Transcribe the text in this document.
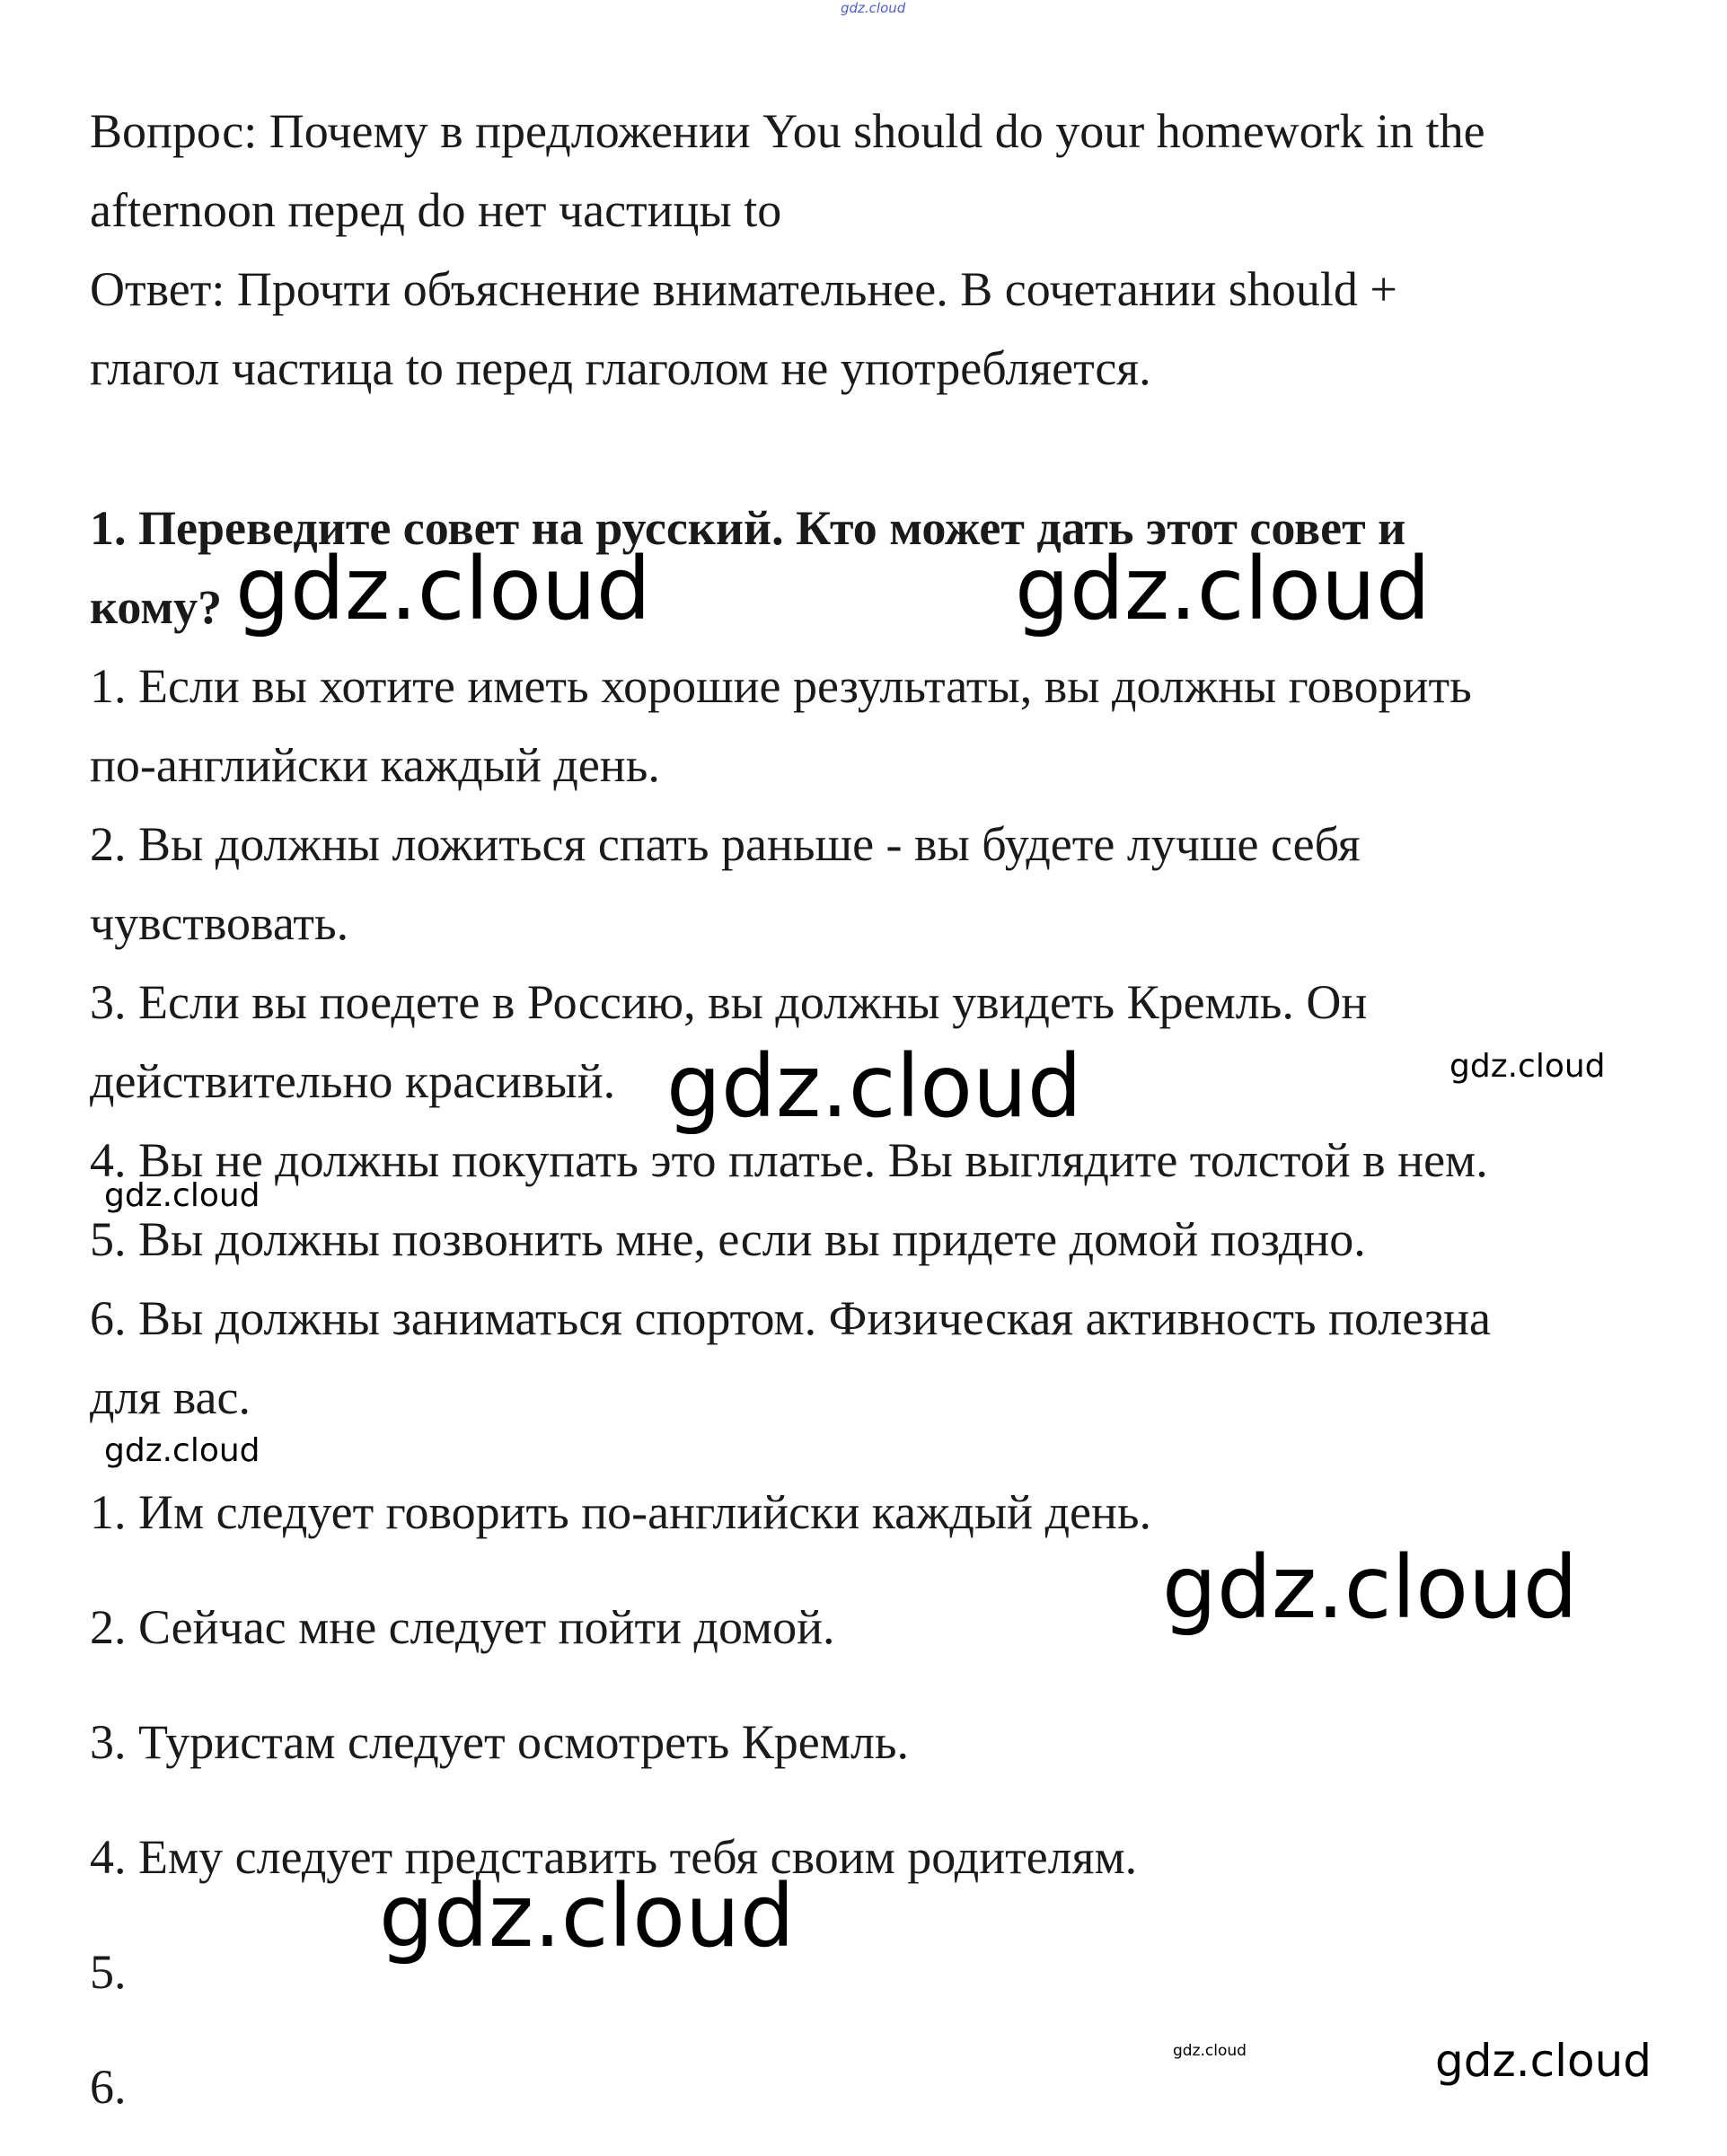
gdz.cloud
Вопрос: Почему в предложении You should do your homework in the
afternoon перед do нет частицы to
Ответ: Прочти объяснение внимательнее. В сочетании should +
глагол частица to перед глаголом не употребляется.
1. Переведите совет на русский. Кто может дать этот совет и
кому?
1. Если вы хотите иметь хорошие результаты, вы должны говорить
по-английски каждый день.
2. Вы должны ложиться спать раньше - вы будете лучше себя
чувствовать.
3. Если вы поедете в Россию, вы должны увидеть Кремль. Он
действительно красивый.
4. Вы не должны покупать это платье. Вы выглядите толстой в нем.
5. Вы должны позвонить мне, если вы придете домой поздно.
6. Вы должны заниматься спортом. Физическая активность полезна
для вас.
1. Им следует говорить по-английски каждый день.
2. Сейчас мне следует пойти домой.
3. Туристам следует осмотреть Кремль.
4. Ему следует представить тебя своим родителям.
5.
6.
gdz.cloud	gdz.cloud
gdz.cloud	gdz.cloud
gdz.cloud
gdz.cloud
gdz.cloud
gdz.cloud
gdz.cloud	gdz.cloud
